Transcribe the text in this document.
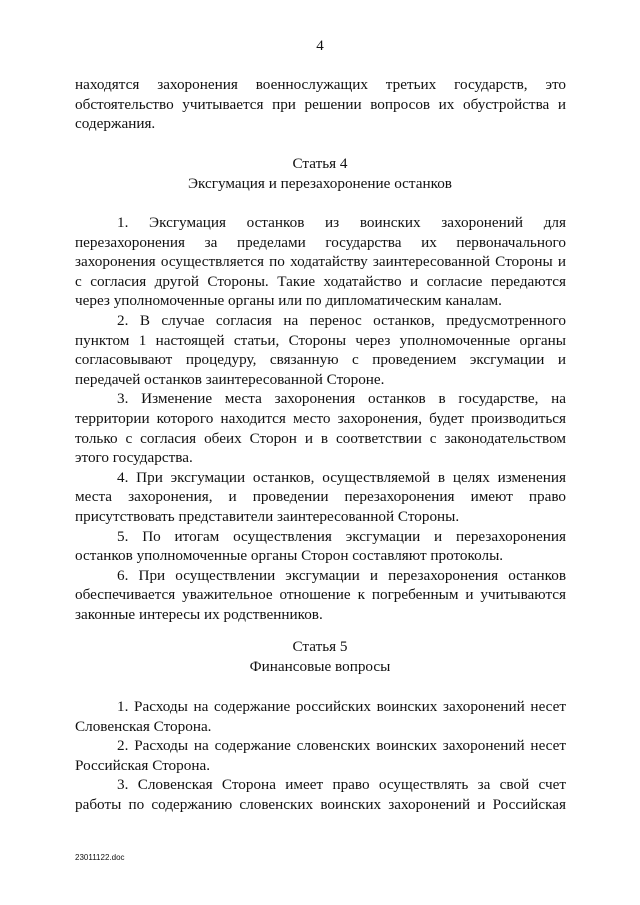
4

находятся захоронения военнослужащих третьих государств, это обстоятельство учитывается при решении вопросов их обустройства и содержания.

Статья 4
Эксгумация и перезахоронение останков

1. Эксгумация останков из воинских захоронений для перезахоронения за пределами государства их первоначального захоронения осуществляется по ходатайству заинтересованной Стороны и с согласия другой Стороны. Такие ходатайство и согласие передаются через уполномоченные органы или по дипломатическим каналам.

2. В случае согласия на перенос останков, предусмотренного пунктом 1 настоящей статьи, Стороны через уполномоченные органы согласовывают процедуру, связанную с проведением эксгумации и передачей останков заинтересованной Стороне.

3. Изменение места захоронения останков в государстве, на территории которого находится место захоронения, будет производиться только с согласия обеих Сторон и в соответствии с законодательством этого государства.

4. При эксгумации останков, осуществляемой в целях изменения места захоронения, и проведении перезахоронения имеют право присутствовать представители заинтересованной Стороны.

5. По итогам осуществления эксгумации и перезахоронения останков уполномоченные органы Сторон составляют протоколы.

6. При осуществлении эксгумации и перезахоронения останков обеспечивается уважительное отношение к погребенным и учитываются законные интересы их родственников.

Статья 5
Финансовые вопросы

1. Расходы на содержание российских воинских захоронений несет Словенская Сторона.

2. Расходы на содержание словенских воинских захоронений несет Российская Сторона.

3. Словенская Сторона имеет право осуществлять за свой счет работы по содержанию словенских воинских захоронений и Российская

23011122.doc
